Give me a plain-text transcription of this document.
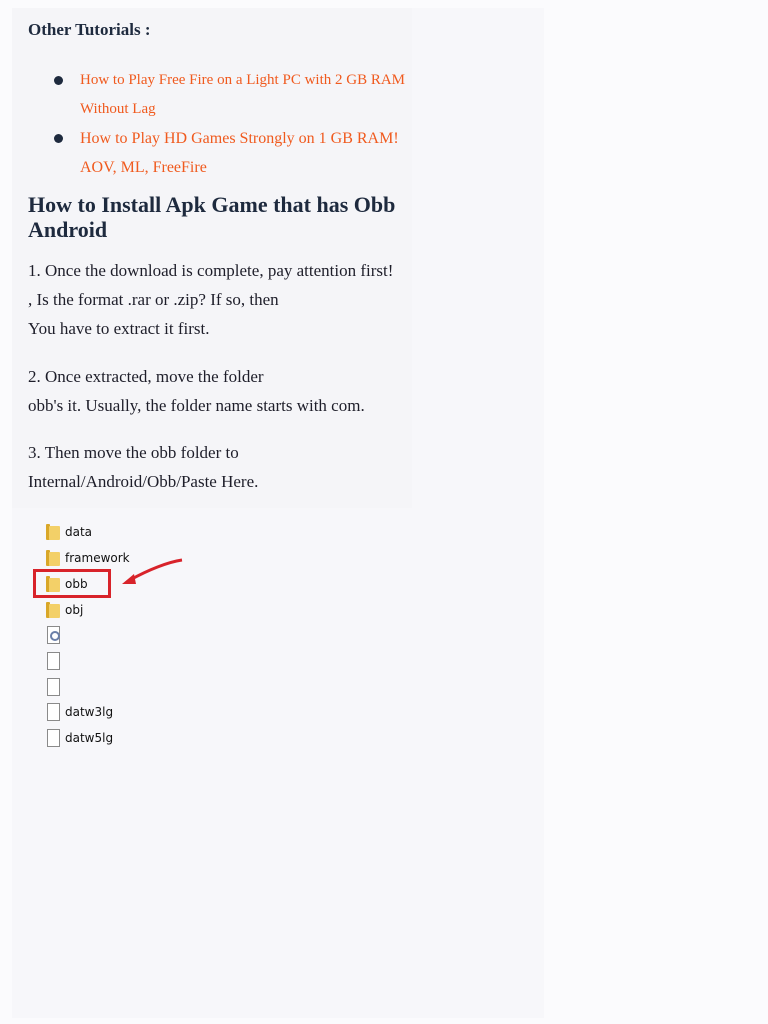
Other Tutorials :
How to Play Free Fire on a Light PC with 2 GB RAM
Without Lag
How to Play HD Games Strongly on 1 GB RAM!
AOV, ML, FreeFire
How to Install Apk Game that has Obb
Android

1. Once the download is complete, pay attention first!
, Is the format .rar or .zip? If so, then
You have to extract it first.

2. Once extracted, move the folder
obb's it. Usually, the folder name starts with com.

3. Then move the obb folder to
Internal/Android/Obb/Paste Here.

data
framework
obb
obj
datw3lg
datw5lg
